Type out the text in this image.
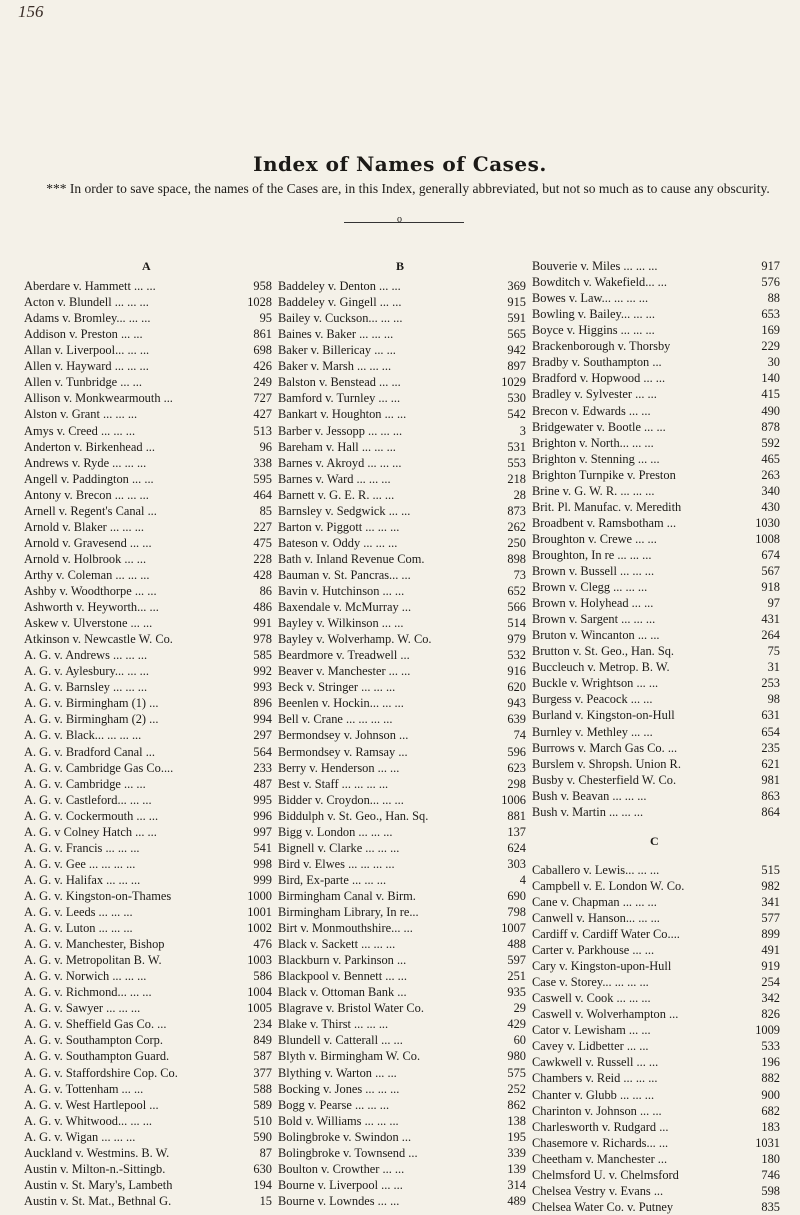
156
Index of Names of Cases.
*** In order to save space, the names of the Cases are, in this Index, generally abbreviated, but not so much as to cause any obscurity.
o
A
Aberdare v. Hammett ... ...	958
Acton v. Blundell ... ... ...	1028
Adams v. Bromley... ... ...	95
Addison v. Preston ... ...	861
Allan v. Liverpool... ... ...	698
Allen v. Hayward ... ... ...	426
Allen v. Tunbridge ... ...	249
Allison v. Monkwearmouth ...	727
Alston v. Grant ... ... ...	427
Amys v. Creed ... ... ...	513
Anderton v. Birkenhead ...	96
Andrews v. Ryde ... ... ...	338
Angell v. Paddington ... ...	595
Antony v. Brecon ... ... ...	464
Arnell v. Regent's Canal ...	85
Arnold v. Blaker ... ... ...	227
Arnold v. Gravesend ... ...	475
Arnold v. Holbrook ... ...	228
Arthy v. Coleman ... ... ...	428
Ashby v. Woodthorpe ... ...	86
Ashworth v. Heyworth... ...	486
Askew v. Ulverstone ... ...	991
Atkinson v. Newcastle W. Co.	978
A. G. v. Andrews ... ... ...	585
A. G. v. Aylesbury... ... ...	992
A. G. v. Barnsley ... ... ...	993
A. G. v. Birmingham (1) ...	896
A. G. v. Birmingham (2) ...	994
A. G. v. Black... ... ... ...	297
A. G. v. Bradford Canal ...	564
A. G. v. Cambridge Gas Co....	233
A. G. v. Cambridge ... ...	487
A. G. v. Castleford... ... ...	995
A. G. v. Cockermouth ... ...	996
A. G. v Colney Hatch ... ...	997
A. G. v. Francis ... ... ...	541
A. G. v. Gee ... ... ... ...	998
A. G. v. Halifax ... ... ...	999
A. G. v. Kingston-on-Thames	1000
A. G. v. Leeds ... ... ...	1001
A. G. v. Luton ... ... ...	1002
A. G. v. Manchester, Bishop	476
A. G. v. Metropolitan B. W.	1003
A. G. v. Norwich ... ... ...	586
A. G. v. Richmond... ... ...	1004
A. G. v. Sawyer ... ... ...	1005
A. G. v. Sheffield Gas Co. ...	234
A. G. v. Southampton Corp.	849
A. G. v. Southampton Guard.	587
A. G. v. Staffordshire Cop. Co.	377
A. G. v. Tottenham ... ...	588
A. G. v. West Hartlepool ...	589
A. G. v. Whitwood... ... ...	510
A. G. v. Wigan ... ... ...	590
Auckland v. Westmins. B. W.	87
Austin v. Milton-n.-Sittingb.	630
Austin v. St. Mary's, Lambeth	194
Austin v. St. Mat., Bethnal G.	15
B
Baddeley v. Denton ... ...	369
Baddeley v. Gingell ... ...	915
Bailey v. Cuckson... ... ...	591
Baines v. Baker ... ... ...	565
Baker v. Billericay ... ...	942
Baker v. Marsh ... ... ...	897
Balston v. Benstead ... ...	1029
Bamford v. Turnley ... ...	530
Bankart v. Houghton ... ...	542
Barber v. Jessopp ... ... ...	3
Bareham v. Hall ... ... ...	531
Barnes v. Akroyd ... ... ...	553
Barnes v. Ward ... ... ...	218
Barnett v. G. E. R. ... ...	28
Barnsley v. Sedgwick ... ...	873
Barton v. Piggott ... ... ...	262
Bateson v. Oddy ... ... ...	250
Bath v. Inland Revenue Com.	898
Bauman v. St. Pancras... ...	73
Bavin v. Hutchinson ... ...	652
Baxendale v. McMurray ...	566
Bayley v. Wilkinson ... ...	514
Bayley v. Wolverhamp. W. Co.	979
Beardmore v. Treadwell ...	532
Beaver v. Manchester ... ...	916
Beck v. Stringer ... ... ...	620
Beenlen v. Hockin... ... ...	943
Bell v. Crane ... ... ... ...	639
Bermondsey v. Johnson ...	74
Bermondsey v. Ramsay ...	596
Berry v. Henderson ... ...	623
Best v. Staff ... ... ... ...	298
Bidder v. Croydon... ... ...	1006
Biddulph v. St. Geo., Han. Sq.	881
Bigg v. London ... ... ...	137
Bignell v. Clarke ... ... ...	624
Bird v. Elwes ... ... ... ...	303
Bird, Ex-parte ... ... ...	4
Birmingham Canal v. Birm.	690
Birmingham Library, In re...	798
Birt v. Monmouthshire... ...	1007
Black v. Sackett ... ... ...	488
Blackburn v. Parkinson ...	597
Blackpool v. Bennett ... ...	251
Black v. Ottoman Bank ...	935
Blagrave v. Bristol Water Co.	29
Blake v. Thirst ... ... ...	429
Blundell v. Catterall ... ...	60
Blyth v. Birmingham W. Co.	980
Blything v. Warton ... ...	575
Bocking v. Jones ... ... ...	252
Bogg v. Pearse ... ... ...	862
Bold v. Williams ... ... ...	138
Bolingbroke v. Swindon ...	195
Bolingbroke v. Townsend ...	339
Boulton v. Crowther ... ...	139
Bourne v. Liverpool ... ...	314
Bourne v. Lowndes ... ...	489
Bouverie v. Miles ... ... ...	917
Bowditch v. Wakefield... ...	576
Bowes v. Law... ... ... ...	88
Bowling v. Bailey... ... ...	653
Boyce v. Higgins ... ... ...	169
Brackenborough v. Thorsby	229
Bradby v. Southampton ...	30
Bradford v. Hopwood ... ...	140
Bradley v. Sylvester ... ...	415
Brecon v. Edwards ... ...	490
Bridgewater v. Bootle ... ...	878
Brighton v. North... ... ...	592
Brighton v. Stenning ... ...	465
Brighton Turnpike v. Preston	263
Brine v. G. W. R. ... ... ...	340
Brit. Pl. Manufac. v. Meredith	430
Broadbent v. Ramsbotham ...	1030
Broughton v. Crewe ... ...	1008
Broughton, In re ... ... ...	674
Brown v. Bussell ... ... ...	567
Brown v. Clegg ... ... ...	918
Brown v. Holyhead ... ...	97
Brown v. Sargent ... ... ...	431
Bruton v. Wincanton ... ...	264
Brutton v. St. Geo., Han. Sq.	75
Buccleuch v. Metrop. B. W.	31
Buckle v. Wrightson ... ...	253
Burgess v. Peacock ... ...	98
Burland v. Kingston-on-Hull	631
Burnley v. Methley ... ...	654
Burrows v. March Gas Co. ...	235
Burslem v. Shropsh. Union R.	621
Busby v. Chesterfield W. Co.	981
Bush v. Beavan ... ... ...	863
Bush v. Martin ... ... ...	864
Caballero v. Lewis... ... ...	515
Campbell v. E. London W. Co.	982
Cane v. Chapman ... ... ...	341
Canwell v. Hanson... ... ...	577
Cardiff v. Cardiff Water Co....	899
Carter v. Parkhouse ... ...	491
Cary v. Kingston-upon-Hull	919
Case v. Storey... ... ... ...	254
Caswell v. Cook ... ... ...	342
Caswell v. Wolverhampton ...	826
Cator v. Lewisham ... ...	1009
Cavey v. Lidbetter ... ...	533
Cawkwell v. Russell ... ...	196
Chambers v. Reid ... ... ...	882
Chanter v. Glubb ... ... ...	900
Charinton v. Johnson ... ...	682
Charlesworth v. Rudgard ...	183
Chasemore v. Richards... ...	1031
Cheetham v. Manchester ...	180
Chelmsford U. v. Chelmsford	746
Chelsea Vestry v. Evans ...	598
Chelsea Water Co. v. Putney	835
C
